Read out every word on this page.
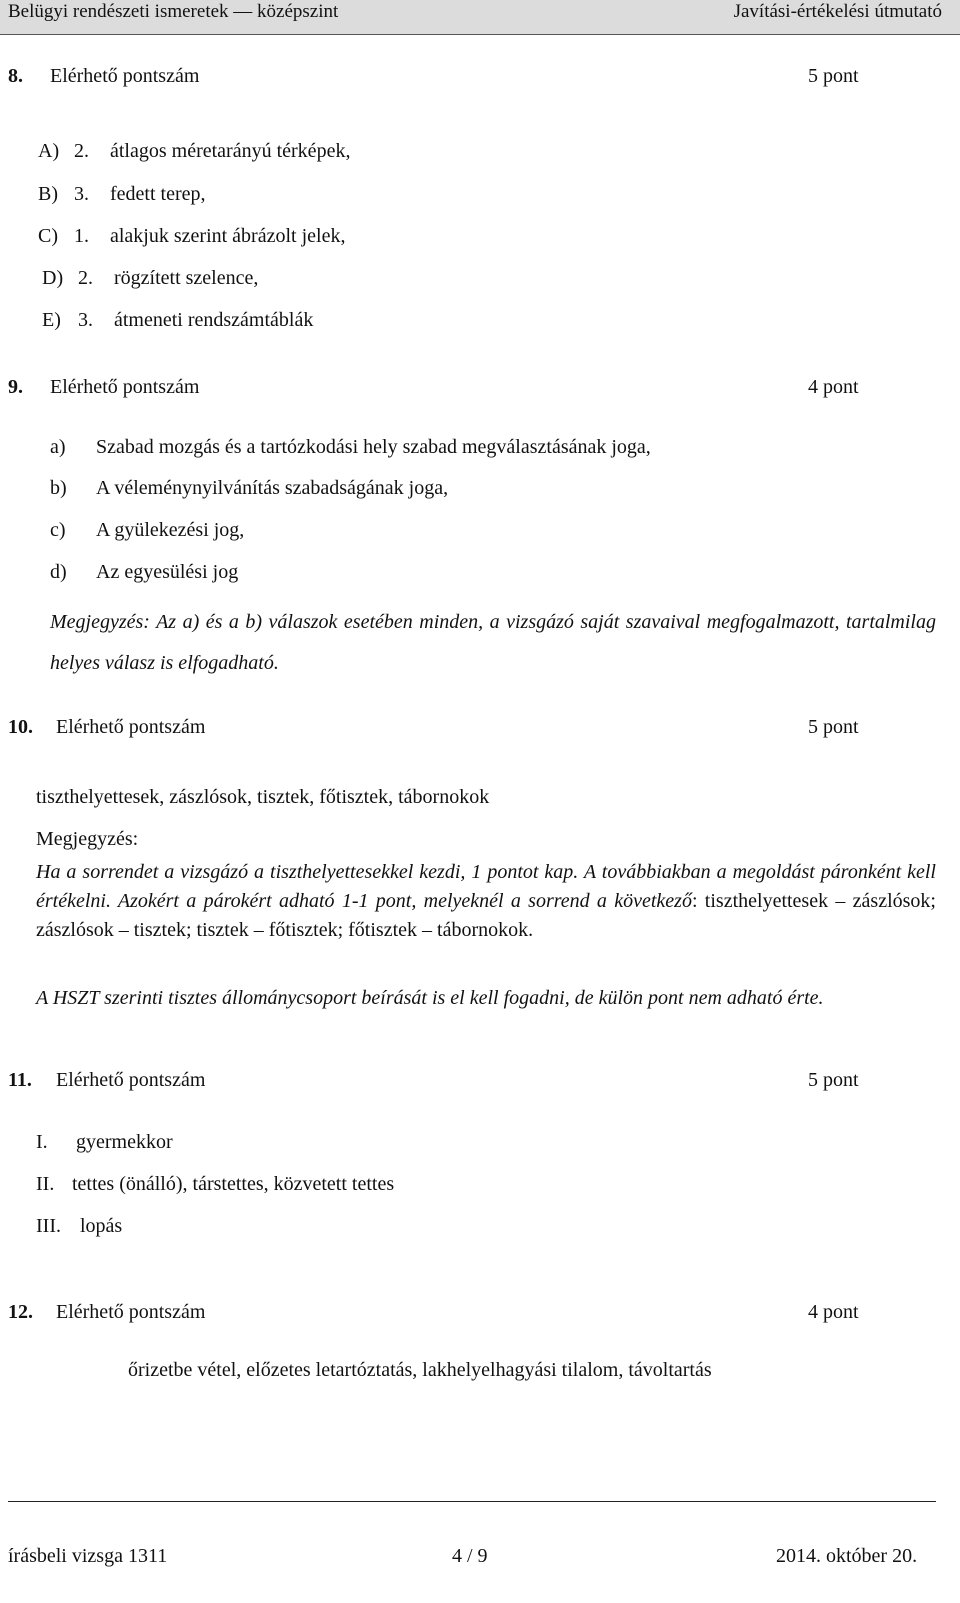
Belügyi rendészeti ismeretek — középszint	Javítási-értékelési útmutató
8. Elérhető pontszám	5 pont
A) 2. átlagos méretarányú térképek,
B) 3. fedett terep,
C) 1. alakjuk szerint ábrázolt jelek,
D) 2. rögzített szelence,
E) 3. átmeneti rendszámtáblák
9. Elérhető pontszám	4 pont
a) Szabad mozgás és a tartózkodási hely szabad megválasztásának joga,
b) A véleménynyilvánítás szabadságának joga,
c) A gyülekezési jog,
d) Az egyesülési jog
Megjegyzés: Az a) és a b) válaszok esetében minden, a vizsgázó saját szavaival megfogalmazott, tartalmilag helyes válasz is elfogadható.
10. Elérhető pontszám	5 pont
tiszthelyettesek, zászlósok, tisztek, főtisztek, tábornokok
Megjegyzés:
Ha a sorrendet a vizsgázó a tiszthelyettesekkel kezdi, 1 pontot kap. A továbbiakban a megoldást páronként kell értékelni. Azokért a párokért adható 1-1 pont, melyeknél a sorrend a következő: tiszthelyettesek – zászlósok; zászlósok – tisztek; tisztek – főtisztek; főtisztek – tábornokok.
A HSZT szerinti tisztes állománycsoport beírását is el kell fogadni, de külön pont nem adható érte.
11. Elérhető pontszám	5 pont
I. gyermekkor
II. tettes (önálló), társtettes, közvetett tettes
III. lopás
12. Elérhető pontszám	4 pont
őrizetbe vétel, előzetes letartóztatás, lakhelyelhagyási tilalom, távoltartás
írásbeli vizsga 1311	4 / 9	2014. október 20.
